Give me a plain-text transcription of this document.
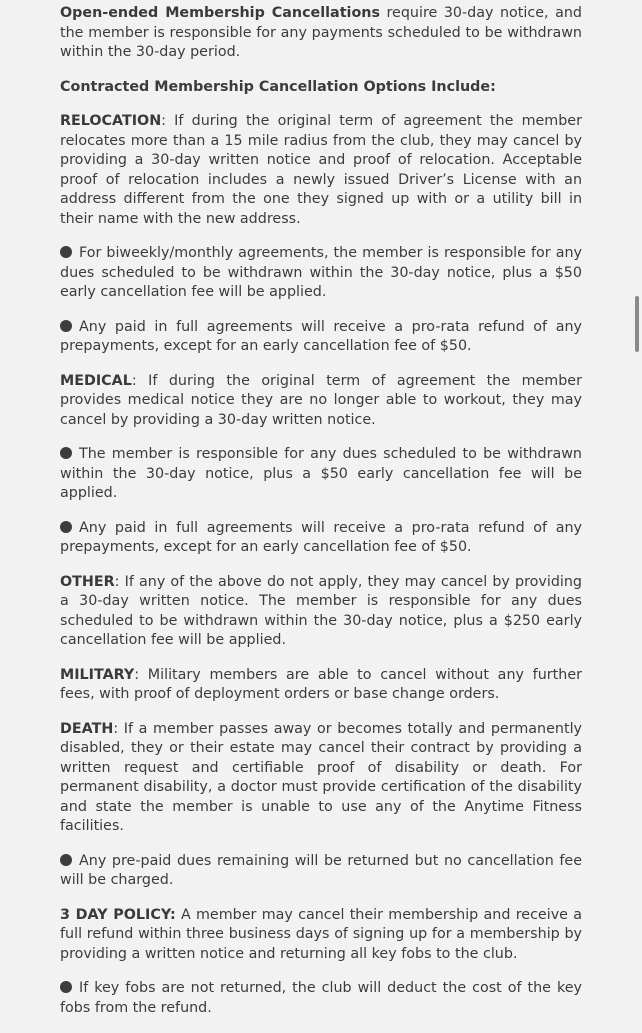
Open-ended Membership Cancellations require 30-day notice, and the member is responsible for any payments scheduled to be withdrawn within the 30-day period.

Contracted Membership Cancellation Options Include:

RELOCATION: If during the original term of agreement the member relocates more than a 15 mile radius from the club, they may cancel by providing a 30-day written notice and proof of relocation. Acceptable proof of relocation includes a newly issued Driver’s License with an address different from the one they signed up with or a utility bill in their name with the new address.

For biweekly/monthly agreements, the member is responsible for any dues scheduled to be withdrawn within the 30-day notice, plus a $50 early cancellation fee will be applied.

Any paid in full agreements will receive a pro-rata refund of any prepayments, except for an early cancellation fee of $50.

MEDICAL: If during the original term of agreement the member provides medical notice they are no longer able to workout, they may cancel by providing a 30-day written notice.

The member is responsible for any dues scheduled to be withdrawn within the 30-day notice, plus a $50 early cancellation fee will be applied.

Any paid in full agreements will receive a pro-rata refund of any prepayments, except for an early cancellation fee of $50.

OTHER: If any of the above do not apply, they may cancel by providing a 30-day written notice. The member is responsible for any dues scheduled to be withdrawn within the 30-day notice, plus a $250 early cancellation fee will be applied.

MILITARY: Military members are able to cancel without any further fees, with proof of deployment orders or base change orders.

DEATH: If a member passes away or becomes totally and permanently disabled, they or their estate may cancel their contract by providing a written request and certifiable proof of disability or death. For permanent disability, a doctor must provide certification of the disability and state the member is unable to use any of the Anytime Fitness facilities.

Any pre-paid dues remaining will be returned but no cancellation fee will be charged.

3 DAY POLICY: A member may cancel their membership and receive a full refund within three business days of signing up for a membership by providing a written notice and returning all key fobs to the club.

If key fobs are not returned, the club will deduct the cost of the key fobs from the refund.
